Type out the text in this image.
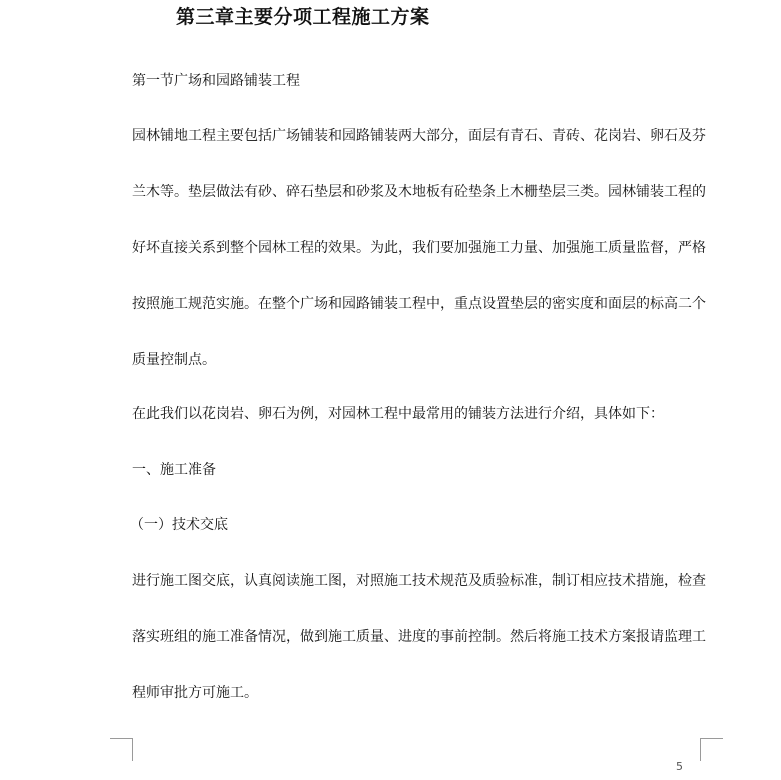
第三章主要分项工程施工方案

第一节广场和园路铺装工程

园林铺地工程主要包括广场铺装和园路铺装两大部分，面层有青石、青砖、花岗岩、卵石及芬

兰木等。垫层做法有砂、碎石垫层和砂浆及木地板有砼垫条上木栅垫层三类。园林铺装工程的

好坏直接关系到整个园林工程的效果。为此，我们要加强施工力量、加强施工质量监督，严格

按照施工规范实施。在整个广场和园路铺装工程中，重点设置垫层的密实度和面层的标高二个

质量控制点。

在此我们以花岗岩、卵石为例，对园林工程中最常用的铺装方法进行介绍，具体如下：

一、施工准备

（一）技术交底

进行施工图交底，认真阅读施工图，对照施工技术规范及质验标准，制订相应技术措施，检查

落实班组的施工准备情况，做到施工质量、进度的事前控制。然后将施工技术方案报请监理工

程师审批方可施工。

5
